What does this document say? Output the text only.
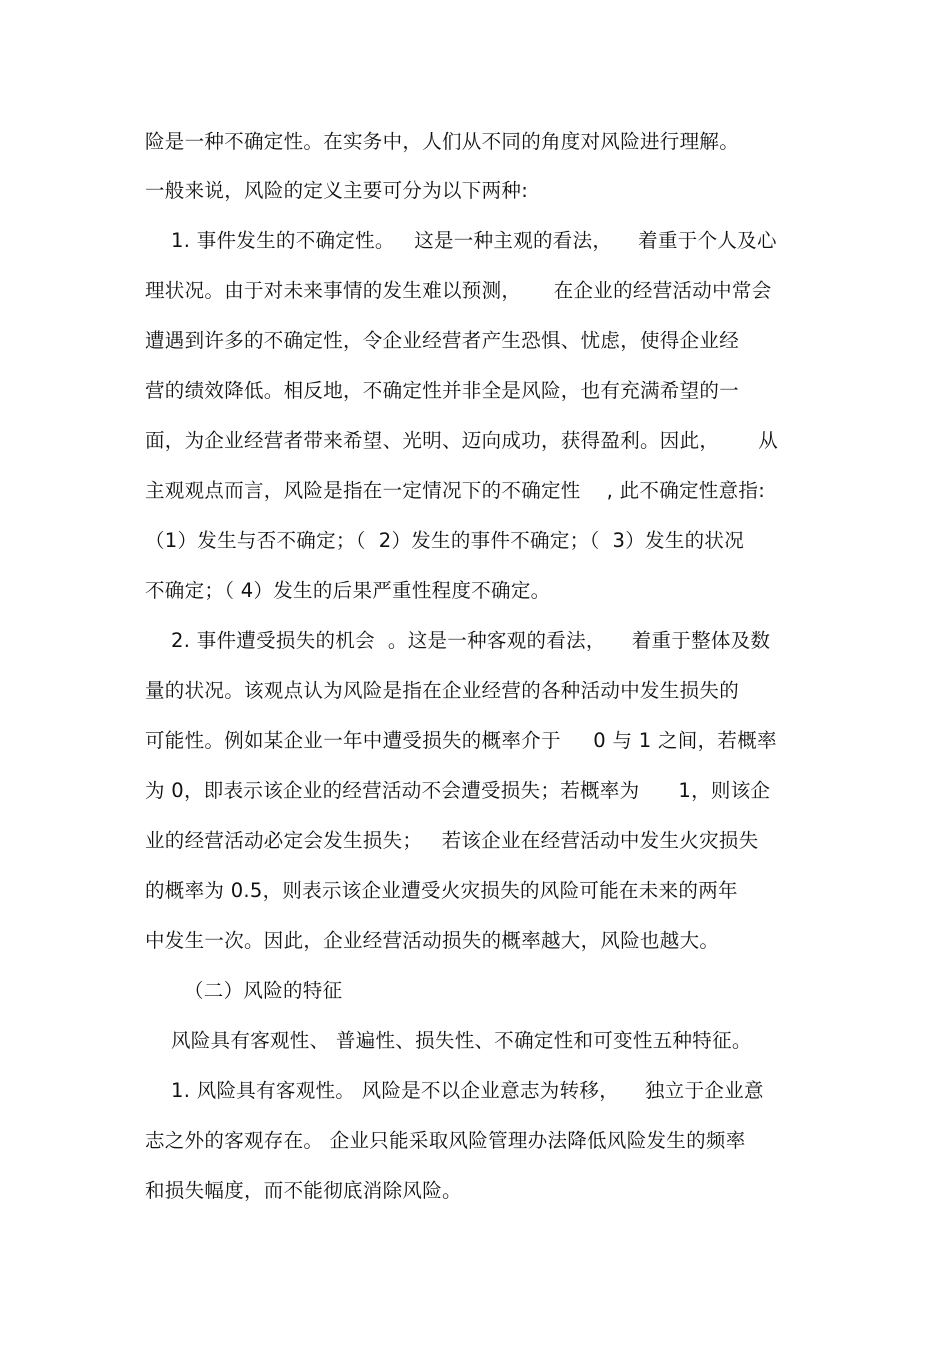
险是一种不确定性。在实务中，人们从不同的角度对风险进行理解。
一般来说，风险的定义主要可分为以下两种:
1. 事件发生的不确定性。   这是一种主观的看法，    着重于个人及心
理状况。由于对未来事情的发生难以预测，     在企业的经营活动中常会
遭遇到许多的不确定性，令企业经营者产生恐惧、忧虑，使得企业经
营的绩效降低。相反地，不确定性并非全是风险，也有充满希望的一
面，为企业经营者带来希望、光明、迈向成功，获得盈利。因此，      从
主观观点而言，风险是指在一定情况下的不确定性    , 此不确定性意指:
（1）发生与否不确定；（  2）发生的事件不确定；（  3）发生的状况
不确定；（ 4）发生的后果严重性程度不确定。
2. 事件遭受损失的机会  。这是一种客观的看法，    着重于整体及数
量的状况。该观点认为风险是指在企业经营的各种活动中发生损失的
可能性。例如某企业一年中遭受损失的概率介于     0 与 1 之间，若概率
为 0，即表示该企业的经营活动不会遭受损失；若概率为      1，则该企
业的经营活动必定会发生损失；   若该企业在经营活动中发生火灾损失
的概率为 0.5，则表示该企业遭受火灾损失的风险可能在未来的两年
中发生一次。因此，企业经营活动损失的概率越大，风险也越大。
（二）风险的特征
风险具有客观性、 普遍性、损失性、不确定性和可变性五种特征。
1. 风险具有客观性。 风险是不以企业意志为转移，    独立于企业意
志之外的客观存在。 企业只能采取风险管理办法降低风险发生的频率
和损失幅度，而不能彻底消除风险。
